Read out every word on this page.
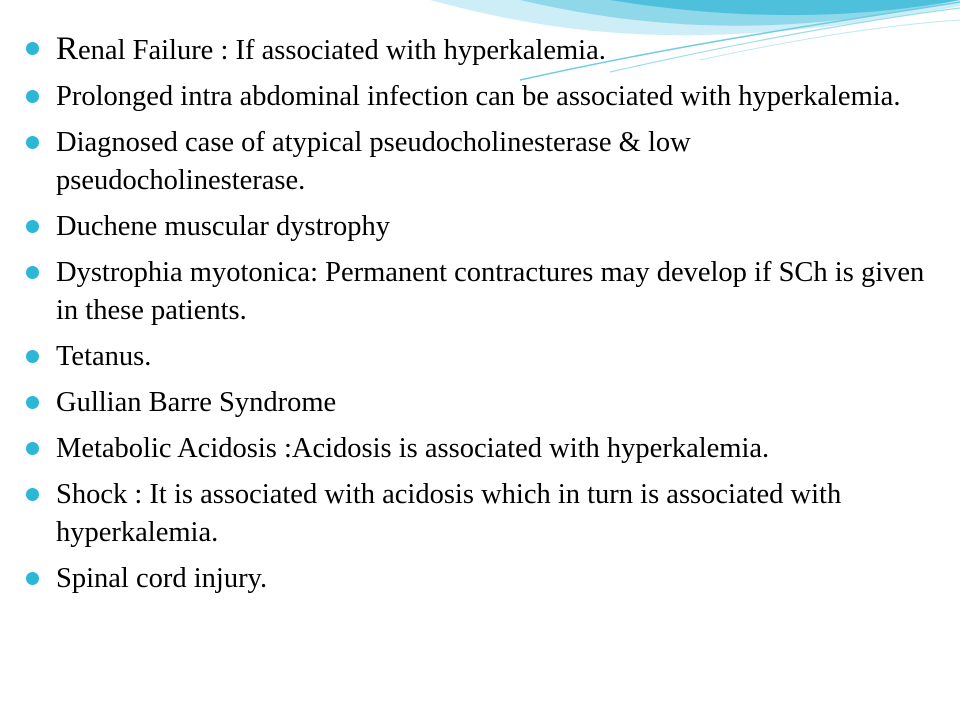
Renal Failure : If associated with hyperkalemia.
Prolonged intra abdominal infection can be associated with hyperkalemia.
Diagnosed case of atypical pseudocholinesterase & low pseudocholinesterase.
Duchene muscular dystrophy
Dystrophia myotonica: Permanent contractures may develop if SCh is given in these patients.
Tetanus.
Gullian Barre Syndrome
Metabolic Acidosis :Acidosis is associated with hyperkalemia.
Shock : It is associated with acidosis which in turn is associated with hyperkalemia.
Spinal cord injury.
